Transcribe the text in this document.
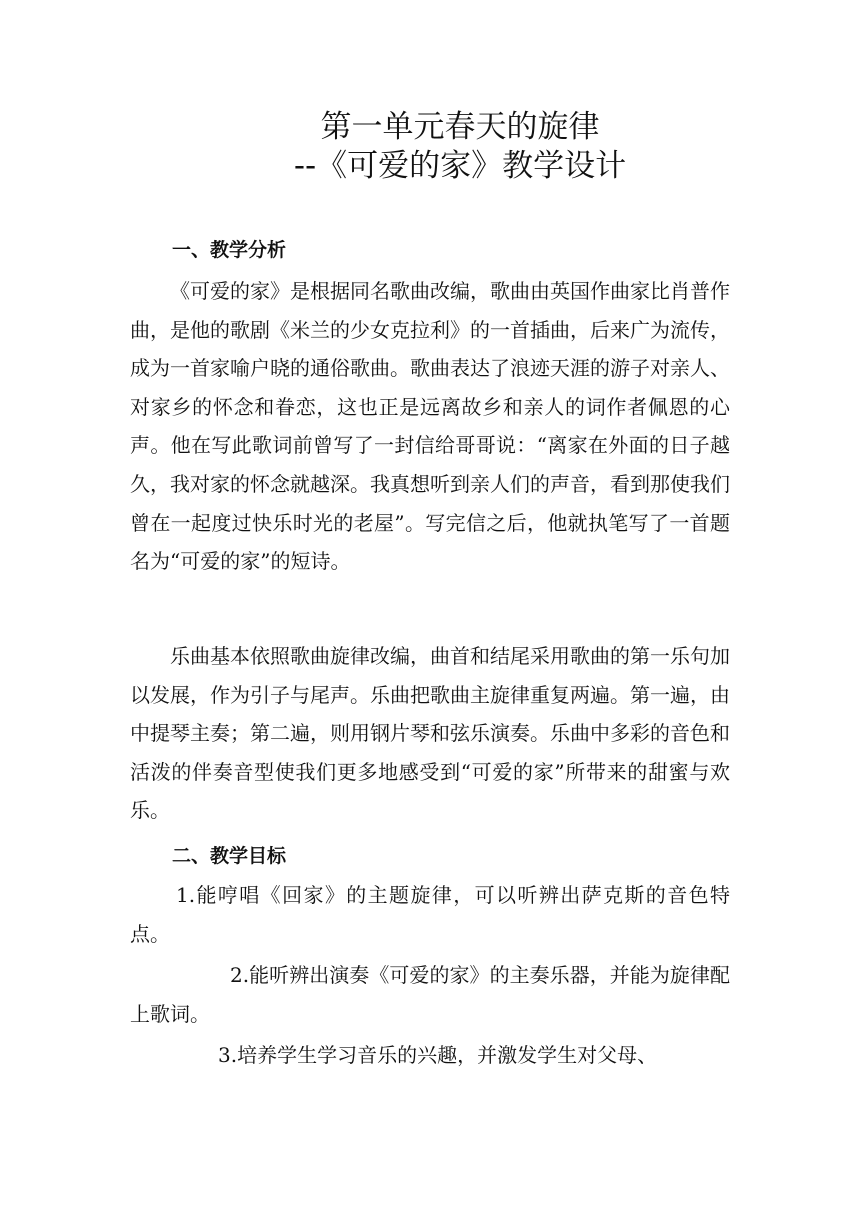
第一单元春天的旋律
--《可爱的家》教学设计
一、教学分析
《可爱的家》是根据同名歌曲改编，歌曲由英国作曲家比肖普作曲，是他的歌剧《米兰的少女克拉利》的一首插曲，后来广为流传，成为一首家喻户晓的通俗歌曲。歌曲表达了浪迹天涯的游子对亲人、对家乡的怀念和眷恋，这也正是远离故乡和亲人的词作者佩恩的心声。他在写此歌词前曾写了一封信给哥哥说：“离家在外面的日子越久，我对家的怀念就越深。我真想听到亲人们的声音，看到那使我们曾在一起度过快乐时光的老屋”。写完信之后，他就执笔写了一首题名为“可爱的家”的短诗。
乐曲基本依照歌曲旋律改编，曲首和结尾采用歌曲的第一乐句加以发展，作为引子与尾声。乐曲把歌曲主旋律重复两遍。第一遍，由中提琴主奏；第二遍，则用钢片琴和弦乐演奏。乐曲中多彩的音色和活泼的伴奏音型使我们更多地感受到“可爱的家”所带来的甜蜜与欢乐。
二、教学目标
1.能哼唱《回家》的主题旋律，可以听辨出萨克斯的音色特点。
2.能听辨出演奏《可爱的家》的主奏乐器，并能为旋律配上歌词。
3.培养学生学习音乐的兴趣，并激发学生对父母、
